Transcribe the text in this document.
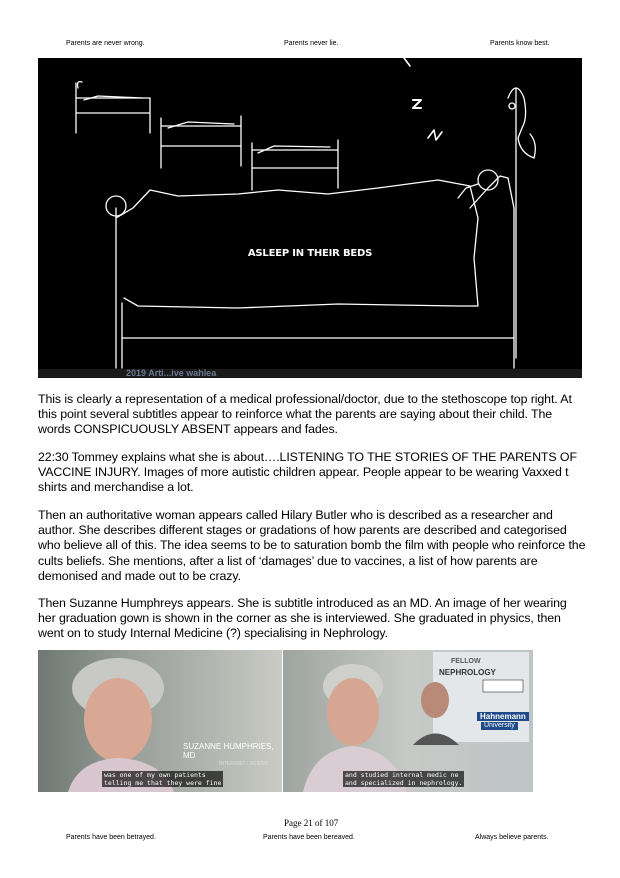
Parents are never wrong.	Parents never lie.	Parents know best.
ASLEEP IN THEIR BEDS
2019 Arti...ive wahlea
This is clearly a representation of a medical professional/doctor, due to the stethoscope top right. At this point several subtitles appear to reinforce what the parents are saying about their child. The words CONSPICUOUSLY ABSENT appears and fades.
22:30 Tommey explains what she is about….LISTENING TO THE STORIES OF THE PARENTS OF VACCINE INJURY. Images of more autistic children appear. People appear to be wearing Vaxxed t shirts and merchandise a lot.
Then an authoritative woman appears called Hilary Butler who is described as a researcher and author. She describes different stages or gradations of how parents are described and categorised who believe all of this. The idea seems to be to saturation bomb the film with people who reinforce the cults beliefs. She mentions, after a list of ‘damages’ due to vaccines, a list of how parents are demonised and made out to be crazy.
Then Suzanne Humphreys appears. She is subtitle introduced as an MD. An image of her wearing her graduation gown is shown in the corner as she is interviewed. She graduated in physics, then went on to study Internal Medicine (?) specialising in Nephrology.
SUZANNE HUMPHRIES, MD
INTERNIST / SCIENT
was one of my own patients
telling me that they were fine
FELLOW
NEPHROLOGY
Hahnemann
University
and studied internal medic ne
and specialized in nephrology.
Page 21 of 107
Parents have been betrayed.	Parents have been bereaved.	Always believe parents.
